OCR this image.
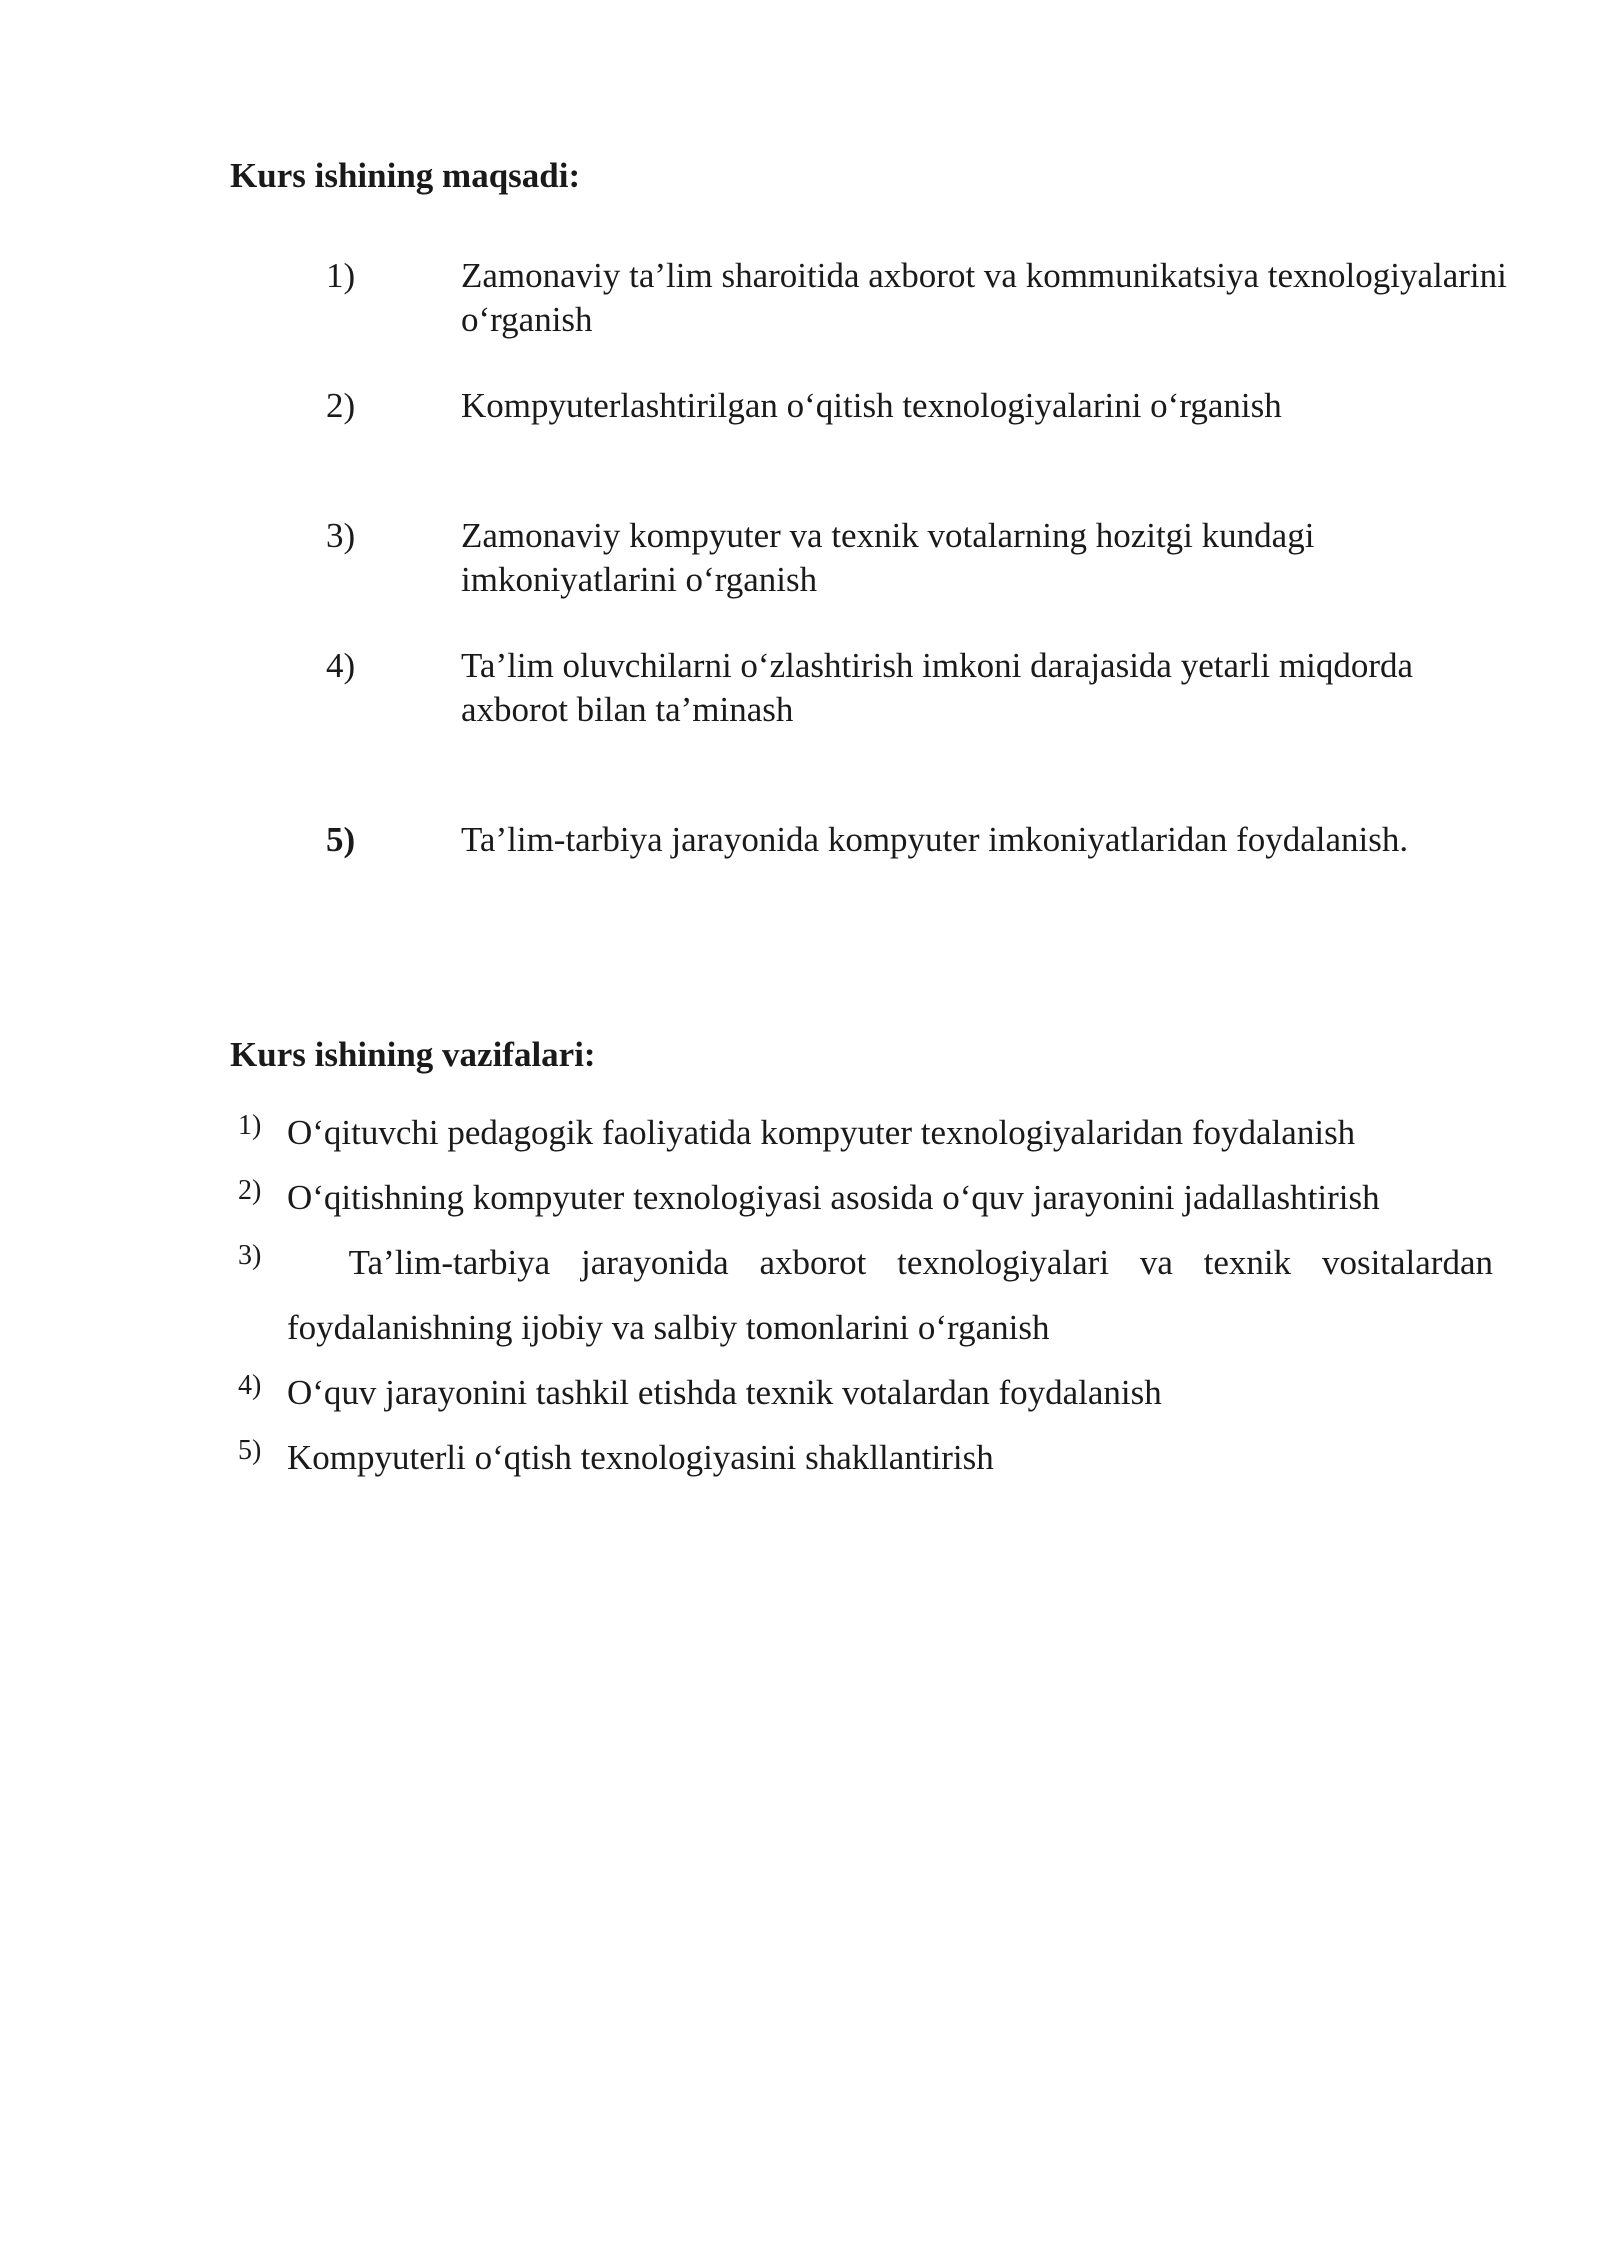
Kurs ishining maqsadi:
1)	Zamonaviy ta’lim sharoitida axborot va kommunikatsiya texnologiyalarini o‘rganish
2)	Kompyuterlashtirilgan o‘qitish texnologiyalarini o‘rganish
3)	Zamonaviy kompyuter va texnik votalarning hozitgi kundagi imkoniyatlarini o‘rganish
4)	Ta’lim oluvchilarni o‘zlashtirish imkoni darajasida yetarli miqdorda axborot bilan ta’minash
5)	Ta’lim-tarbiya jarayonida kompyuter imkoniyatlaridan foydalanish.
Kurs ishining vazifalari:
1) O‘qituvchi pedagogik faoliyatida kompyuter texnologiyalaridan foydalanish
2) O‘qitishning kompyuter texnologiyasi asosida o‘quv jarayonini jadallashtirish
3) Ta’lim-tarbiya jarayonida axborot texnologiyalari va texnik vositalardan foydalanishning ijobiy va salbiy tomonlarini o‘rganish
4) O‘quv jarayonini tashkil etishda texnik votalardan foydalanish
5) Kompyuterli o‘qtish texnologiyasini shakllantirish
